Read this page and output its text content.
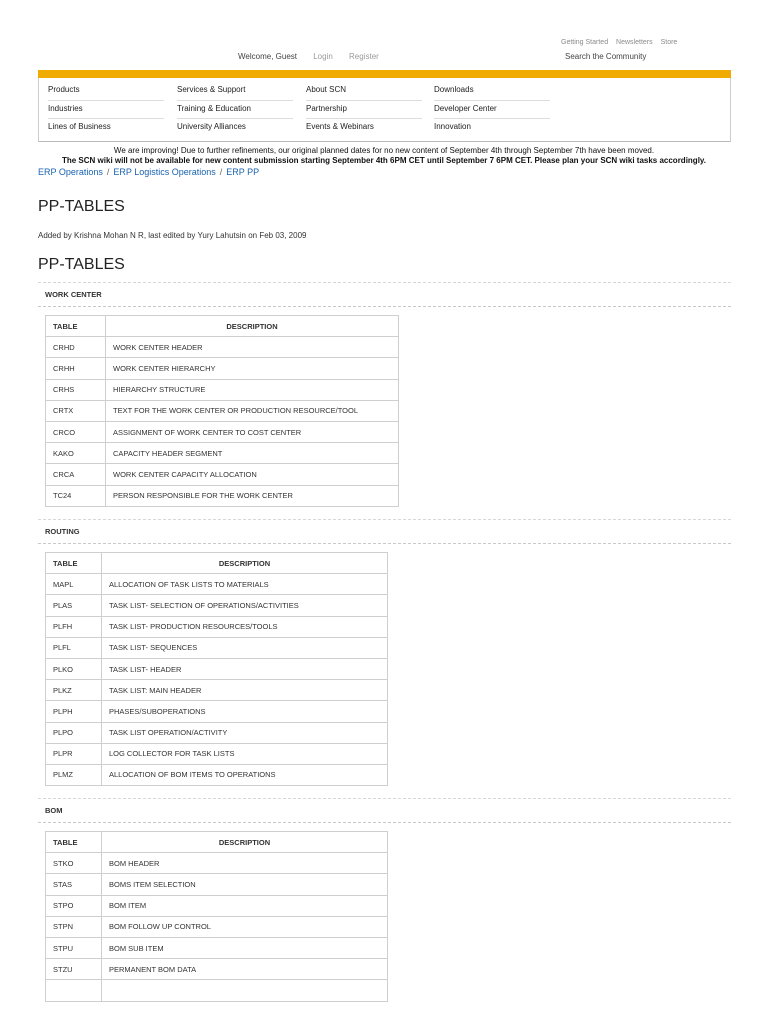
Getting Started Newsletters Store
Welcome, Guest Login Register	Search the Community
Products
Industries
Lines of Business
Services & Support
Training & Education
University Alliances
About SCN
Partnership
Events & Webinars
Downloads
Developer Center
Innovation
We are improving! Due to further refinements, our original planned dates for no new content of September 4th through September 7th have been moved.
The SCN wiki will not be available for new content submission starting September 4th 6PM CET until September 7 6PM CET. Please plan your SCN wiki tasks accordingly.
ERP Operations / ERP Logistics Operations / ERP PP
PP-TABLES
Added by Krishna Mohan N R, last edited by Yury Lahutsin on Feb 03, 2009
PP-TABLES
WORK CENTER
TABLE	DESCRIPTION
CRHD	WORK CENTER HEADER
CRHH	WORK CENTER HIERARCHY
CRHS	HIERARCHY STRUCTURE
CRTX	TEXT FOR THE WORK CENTER OR PRODUCTION RESOURCE/TOOL
CRCO	ASSIGNMENT OF WORK CENTER TO COST CENTER
KAKO	CAPACITY HEADER SEGMENT
CRCA	WORK CENTER CAPACITY ALLOCATION
TC24	PERSON RESPONSIBLE FOR THE WORK CENTER
ROUTING
TABLE	DESCRIPTION
MAPL	ALLOCATION OF TASK LISTS TO MATERIALS
PLAS	TASK LIST- SELECTION OF OPERATIONS/ACTIVITIES
PLFH	TASK LIST- PRODUCTION RESOURCES/TOOLS
PLFL	TASK LIST- SEQUENCES
PLKO	TASK LIST- HEADER
PLKZ	TASK LIST: MAIN HEADER
PLPH	PHASES/SUBOPERATIONS
PLPO	TASK LIST OPERATION/ACTIVITY
PLPR	LOG COLLECTOR FOR TASK LISTS
PLMZ	ALLOCATION OF BOM ITEMS TO OPERATIONS
BOM
TABLE	DESCRIPTION
STKO	BOM HEADER
STAS	BOMS ITEM SELECTION
STPO	BOM ITEM
STPN	BOM FOLLOW UP CONTROL
STPU	BOM SUB ITEM
STZU	PERMANENT BOM DATA
